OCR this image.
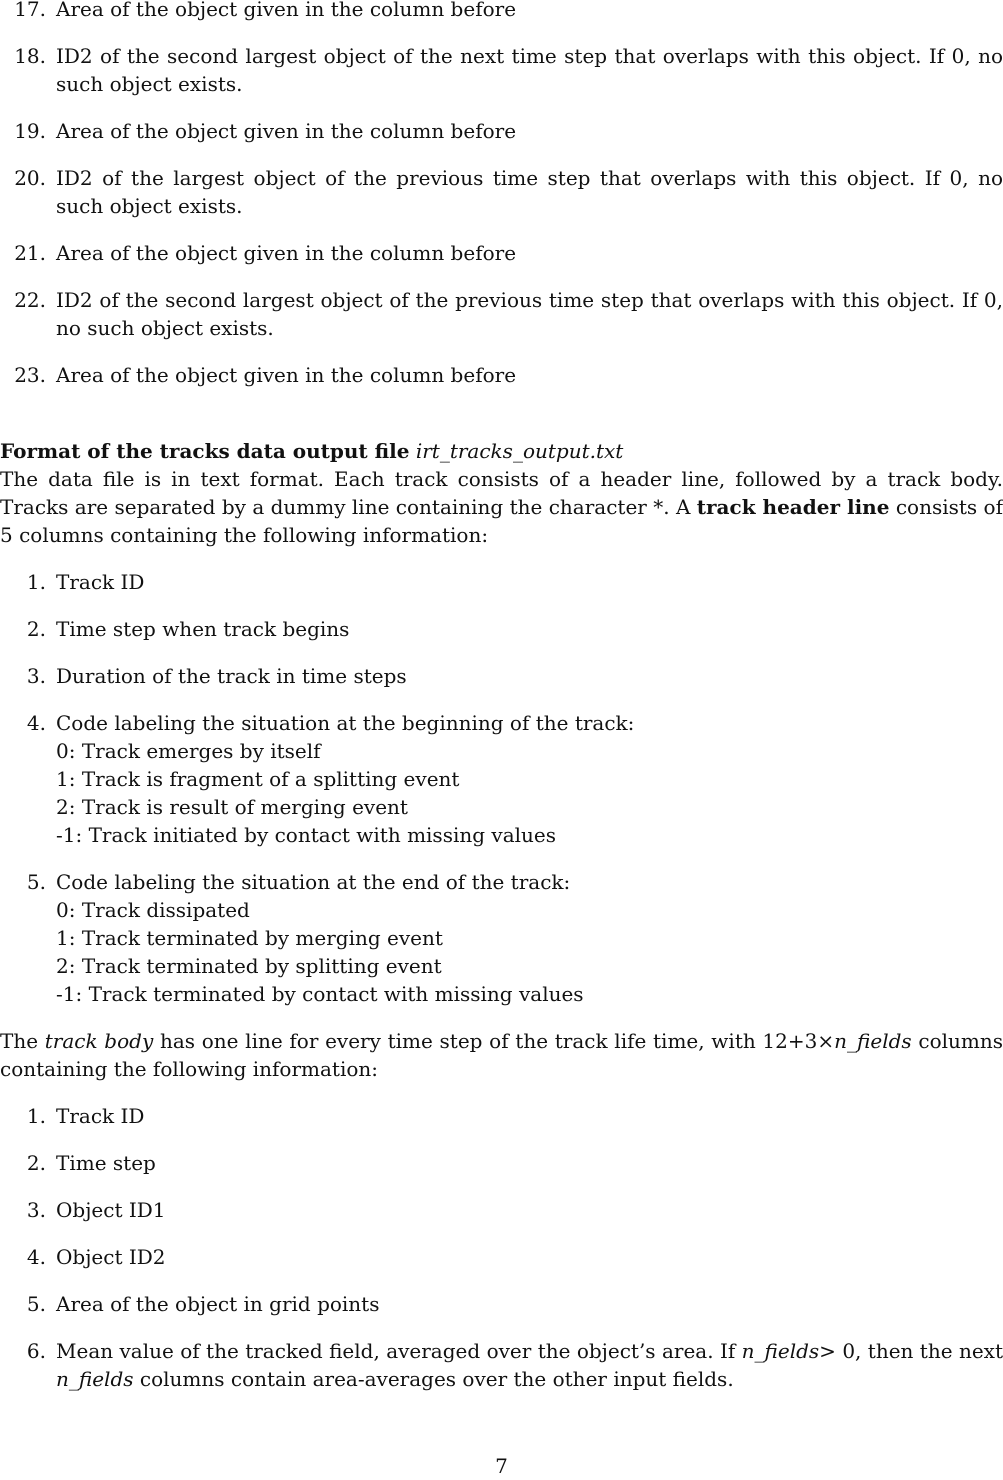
17. Area of the object given in the column before
18. ID2 of the second largest object of the next time step that overlaps with this object. If 0, no such object exists.
19. Area of the object given in the column before
20. ID2 of the largest object of the previous time step that overlaps with this object. If 0, no such object exists.
21. Area of the object given in the column before
22. ID2 of the second largest object of the previous time step that overlaps with this object. If 0, no such object exists.
23. Area of the object given in the column before

Format of the tracks data output file irt_tracks_output.txt
The data file is in text format. Each track consists of a header line, followed by a track body. Tracks are separated by a dummy line containing the character *. A track header line consists of 5 columns containing the following information:

1. Track ID
2. Time step when track begins
3. Duration of the track in time steps
4. Code labeling the situation at the beginning of the track:
0: Track emerges by itself
1: Track is fragment of a splitting event
2: Track is result of merging event
-1: Track initiated by contact with missing values
5. Code labeling the situation at the end of the track:
0: Track dissipated
1: Track terminated by merging event
2: Track terminated by splitting event
-1: Track terminated by contact with missing values

The track body has one line for every time step of the track life time, with 12+3×n_fields columns containing the following information:

1. Track ID
2. Time step
3. Object ID1
4. Object ID2
5. Area of the object in grid points
6. Mean value of the tracked field, averaged over the object’s area. If n_fields> 0, then the next n_fields columns contain area-averages over the other input fields.
7
